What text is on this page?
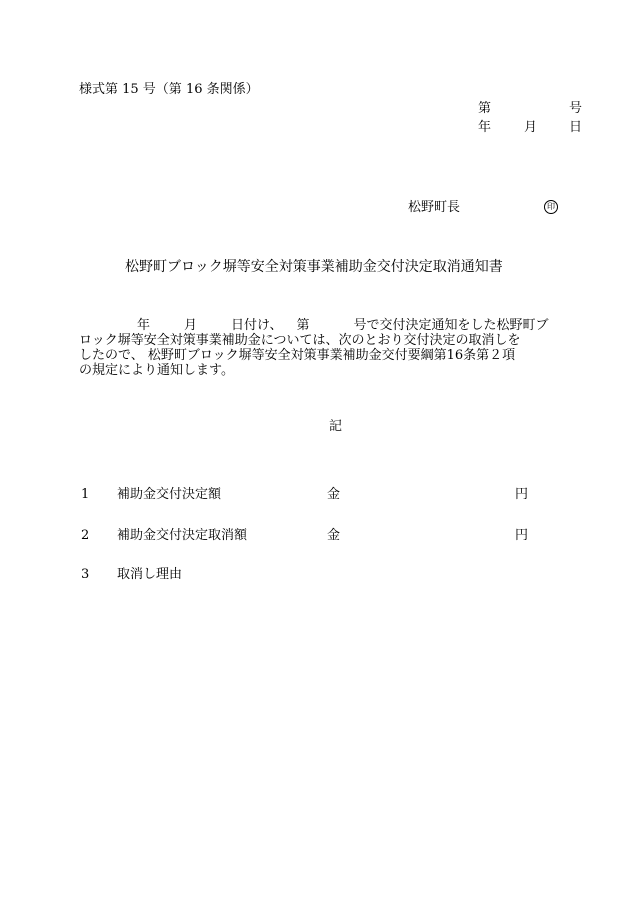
様式第 15 号（第 16 条関係）
第	号
年	月 日
松野町長	印
松野町ブロック塀等安全対策事業補助金交付決定取消通知書
年	月	日付け、 第	号で交付決定通知をした松野町ブ
ロック塀等安全対策事業補助金については、次のとおり交付決定の取消しを
したので、 松野町ブロック塀等安全対策事業補助金交付要綱第16条第２項
の規定により通知します。
記
1 補助金交付決定額	金	円
2 補助金交付決定取消額	金	円
3 取消し理由
